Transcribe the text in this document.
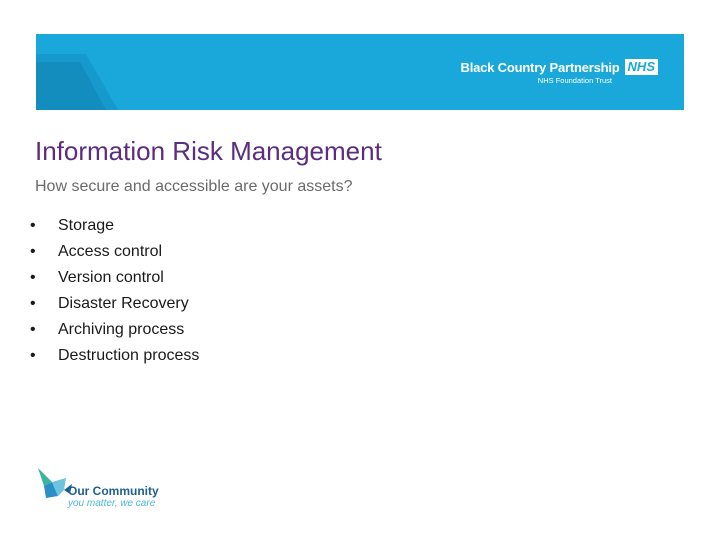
Black Country Partnership NHS
NHS Foundation Trust
Information Risk Management
How secure and accessible are your assets?
•	Storage
•	Access control
•	Version control
•	Disaster Recovery
•	Archiving process
•	Destruction process
Our Community
you matter, we care
